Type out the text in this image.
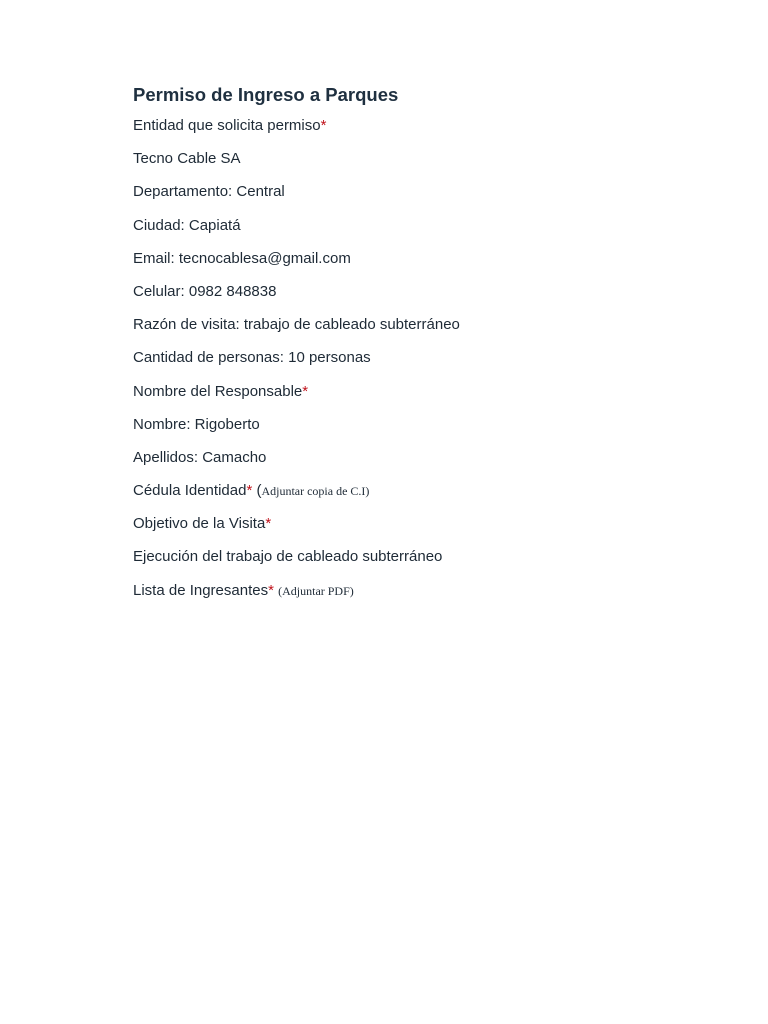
Permiso de Ingreso a Parques
Entidad que solicita permiso*
Tecno Cable SA
Departamento: Central
Ciudad: Capiatá
Email: tecnocablesa@gmail.com
Celular: 0982 848838
Razón de visita: trabajo de cableado subterráneo
Cantidad de personas: 10 personas
Nombre del Responsable*
Nombre: Rigoberto
Apellidos: Camacho
Cédula Identidad* (Adjuntar copia de C.I)
Objetivo de la Visita*
Ejecución del trabajo de cableado subterráneo
Lista de Ingresantes* (Adjuntar PDF)
